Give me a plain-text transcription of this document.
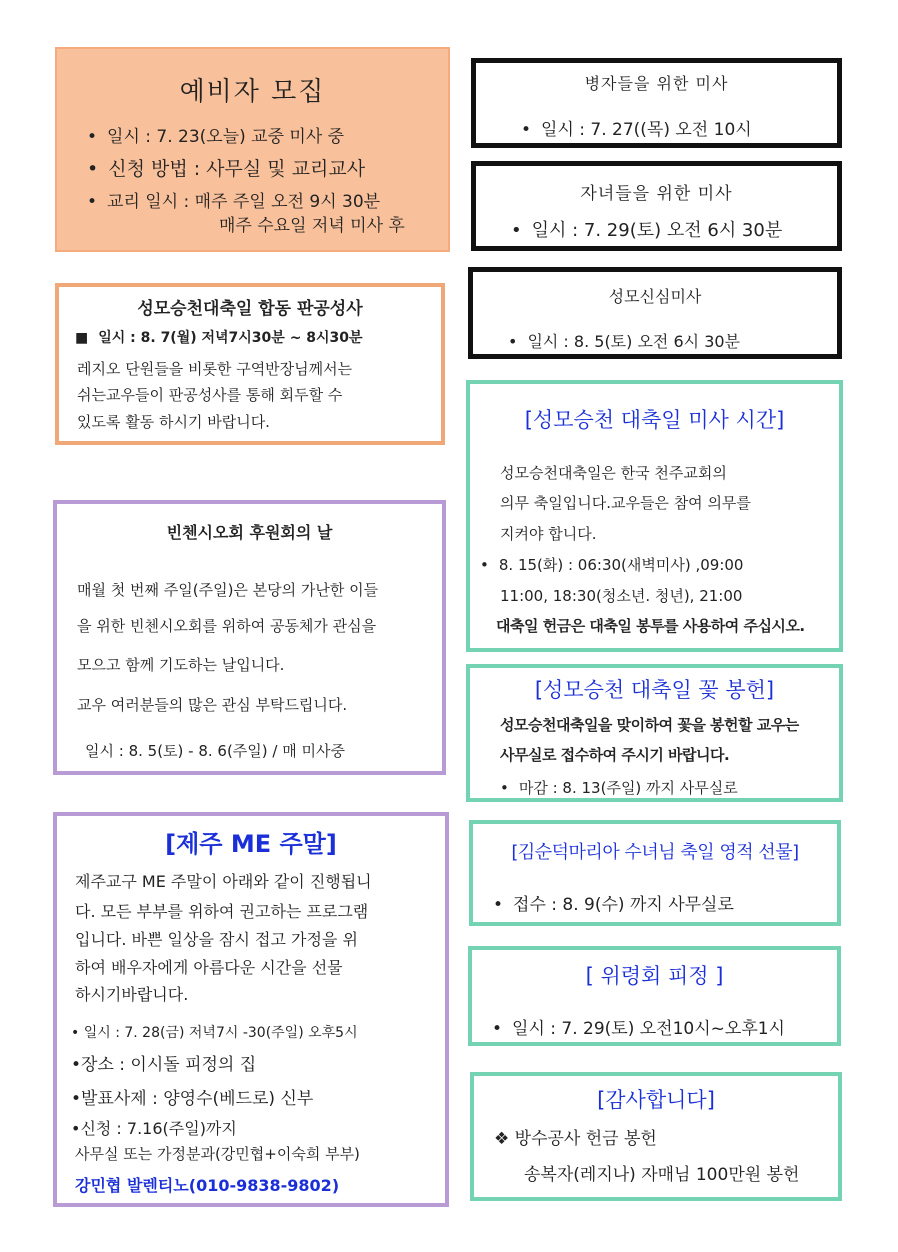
예비자 모집
• 일시 : 7. 23(오늘) 교중 미사 중
• 신청 방법 : 사무실 및 교리교사
• 교리 일시 : 매주 주일 오전 9시 30분
매주 수요일 저녁 미사 후
성모승천대축일 합동 판공성사
■ 일시 : 8. 7(월) 저녁7시30분 ~ 8시30분
레지오 단원들을 비롯한 구역반장님께서는
쉬는교우들이 판공성사를 통해 회두할 수
있도록 활동 하시기 바랍니다.
빈첸시오회 후원회의 날
매월 첫 번째 주일(주일)은 본당의 가난한 이들
을 위한 빈첸시오회를 위하여 공동체가 관심을
모으고 함께 기도하는 날입니다.
교우 여러분들의 많은 관심 부탁드립니다.
일시 : 8. 5(토) - 8. 6(주일) / 매 미사중
[제주 ME 주말]
제주교구 ME 주말이 아래와 같이 진행됩니
다. 모든 부부를 위하여 권고하는 프로그램
입니다. 바쁜 일상을 잠시 접고 가정을 위
하여 배우자에게 아름다운 시간을 선물
하시기바랍니다.
• 일시 : 7. 28(금) 저녁7시 -30(주일) 오후5시
•장소 : 이시돌 피정의 집
•발표사제 : 양영수(베드로) 신부
•신청 : 7.16(주일)까지
사무실 또는 가정분과(강민협+이숙희 부부)
강민협 발렌티노(010-9838-9802)
병자들을 위한 미사
• 일시 : 7. 27((목) 오전 10시
자녀들을 위한 미사
• 일시 : 7. 29(토) 오전 6시 30분
성모신심미사
• 일시 : 8. 5(토) 오전 6시 30분
[성모승천 대축일 미사 시간]
성모승천대축일은 한국 천주교회의
의무 축일입니다.교우들은 참여 의무를
지켜야 합니다.
• 8. 15(화) : 06:30(새벽미사) ,09:00
11:00, 18:30(청소년. 청년), 21:00
대축일 헌금은 대축일 봉투를 사용하여 주십시오.
[성모승천 대축일 꽃 봉헌]
성모승천대축일을 맞이하여 꽃을 봉헌할 교우는
사무실로 접수하여 주시기 바랍니다.
• 마감 : 8. 13(주일) 까지 사무실로
[김순덕마리아 수녀님 축일 영적 선물]
• 접수 : 8. 9(수) 까지 사무실로
[ 위령회 피정 ]
• 일시 : 7. 29(토) 오전10시~오후1시
[감사합니다]
❖ 방수공사 헌금 봉헌
송복자(레지나) 자매님 100만원 봉헌
